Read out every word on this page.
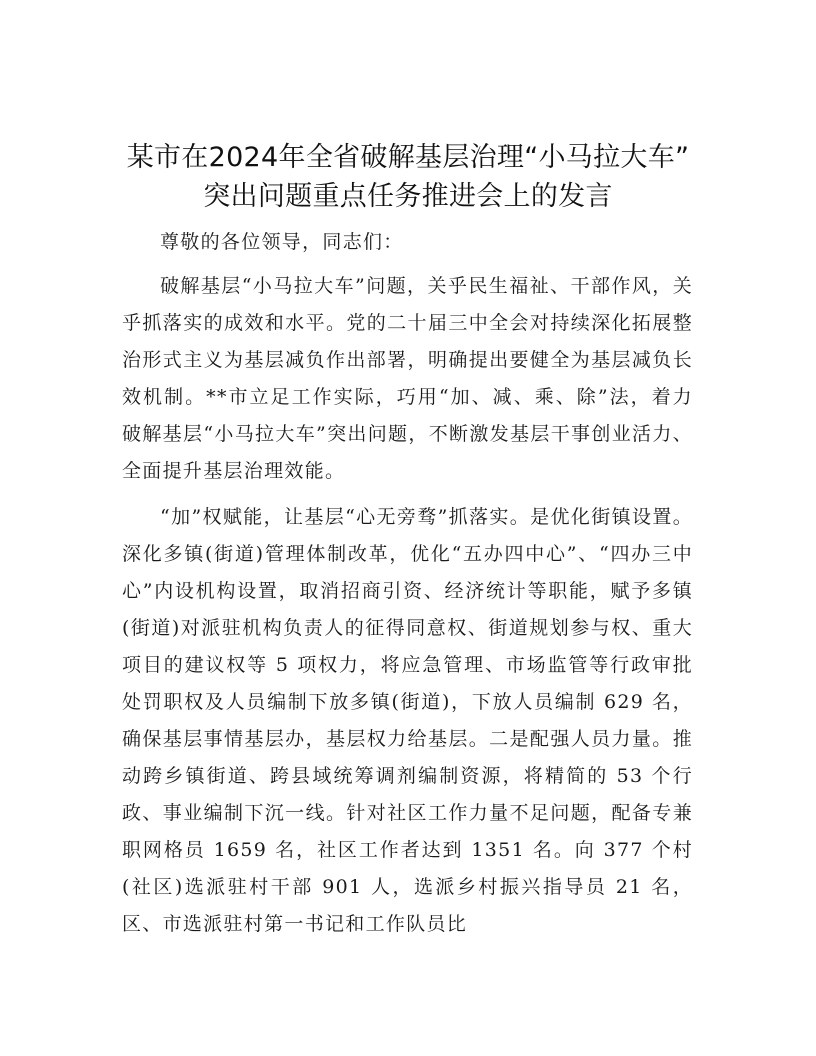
某市在2024年全省破解基层治理“小马拉大车”
突出问题重点任务推进会上的发言

尊敬的各位领导，同志们：

破解基层“小马拉大车”问题，关乎民生福祉、干部作风，关乎抓落实的成效和水平。党的二十届三中全会对持续深化拓展整治形式主义为基层减负作出部署，明确提出要健全为基层减负长效机制。**市立足工作实际，巧用“加、减、乘、除”法，着力破解基层“小马拉大车”突出问题，不断激发基层干事创业活力、全面提升基层治理效能。

“加”权赋能，让基层“心无旁骛”抓落实。是优化街镇设置。深化多镇(街道)管理体制改革，优化“五办四中心”、“四办三中心”内设机构设置，取消招商引资、经济统计等职能，赋予多镇(街道)对派驻机构负责人的征得同意权、街道规划参与权、重大项目的建议权等 5 项权力，将应急管理、市场监管等行政审批处罚职权及人员编制下放多镇(街道)，下放人员编制 629 名，确保基层事情基层办，基层权力给基层。二是配强人员力量。推动跨乡镇街道、跨县域统筹调剂编制资源，将精简的 53 个行政、事业编制下沉一线。针对社区工作力量不足问题，配备专兼职网格员 1659 名，社区工作者达到 1351 名。向 377 个村(社区)选派驻村干部 901 人，选派乡村振兴指导员 21 名，区、市选派驻村第一书记和工作队员比
